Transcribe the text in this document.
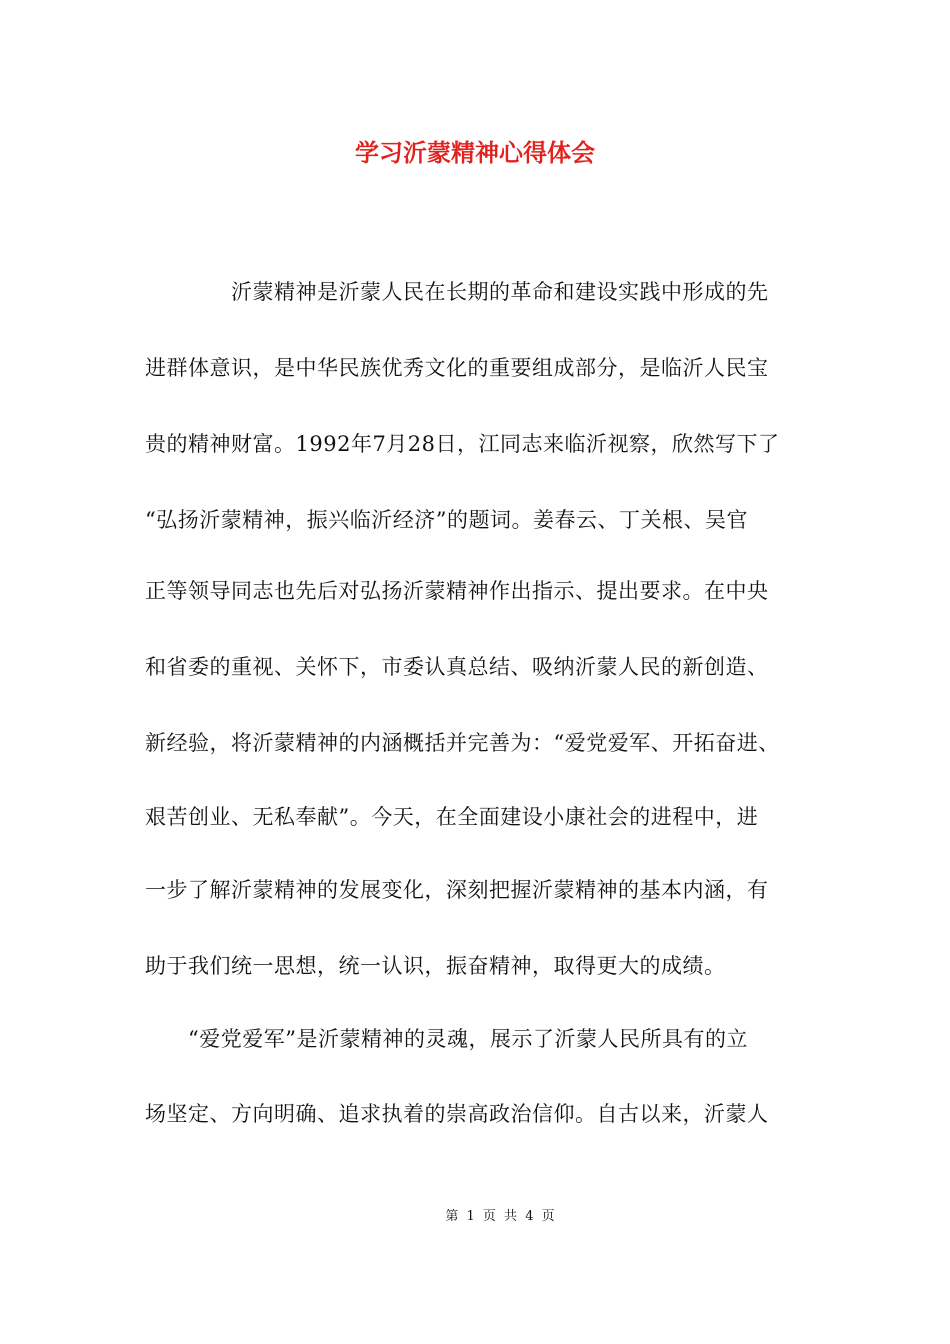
学习沂蒙精神心得体会
　　　　沂蒙精神是沂蒙人民在长期的革命和建设实践中形成的先
进群体意识，是中华民族优秀文化的重要组成部分，是临沂人民宝
贵的精神财富。1992年7月28日，江同志来临沂视察，欣然写下了
“弘扬沂蒙精神，振兴临沂经济”的题词。姜春云、丁关根、吴官
正等领导同志也先后对弘扬沂蒙精神作出指示、提出要求。在中央
和省委的重视、关怀下，市委认真总结、吸纳沂蒙人民的新创造、
新经验，将沂蒙精神的内涵概括并完善为：“爱党爱军、开拓奋进、
艰苦创业、无私奉献”。今天，在全面建设小康社会的进程中，进
一步了解沂蒙精神的发展变化，深刻把握沂蒙精神的基本内涵，有
助于我们统一思想，统一认识，振奋精神，取得更大的成绩。
　　“爱党爱军”是沂蒙精神的灵魂，展示了沂蒙人民所具有的立
场坚定、方向明确、追求执着的崇高政治信仰。自古以来，沂蒙人
第 1 页 共 4 页
